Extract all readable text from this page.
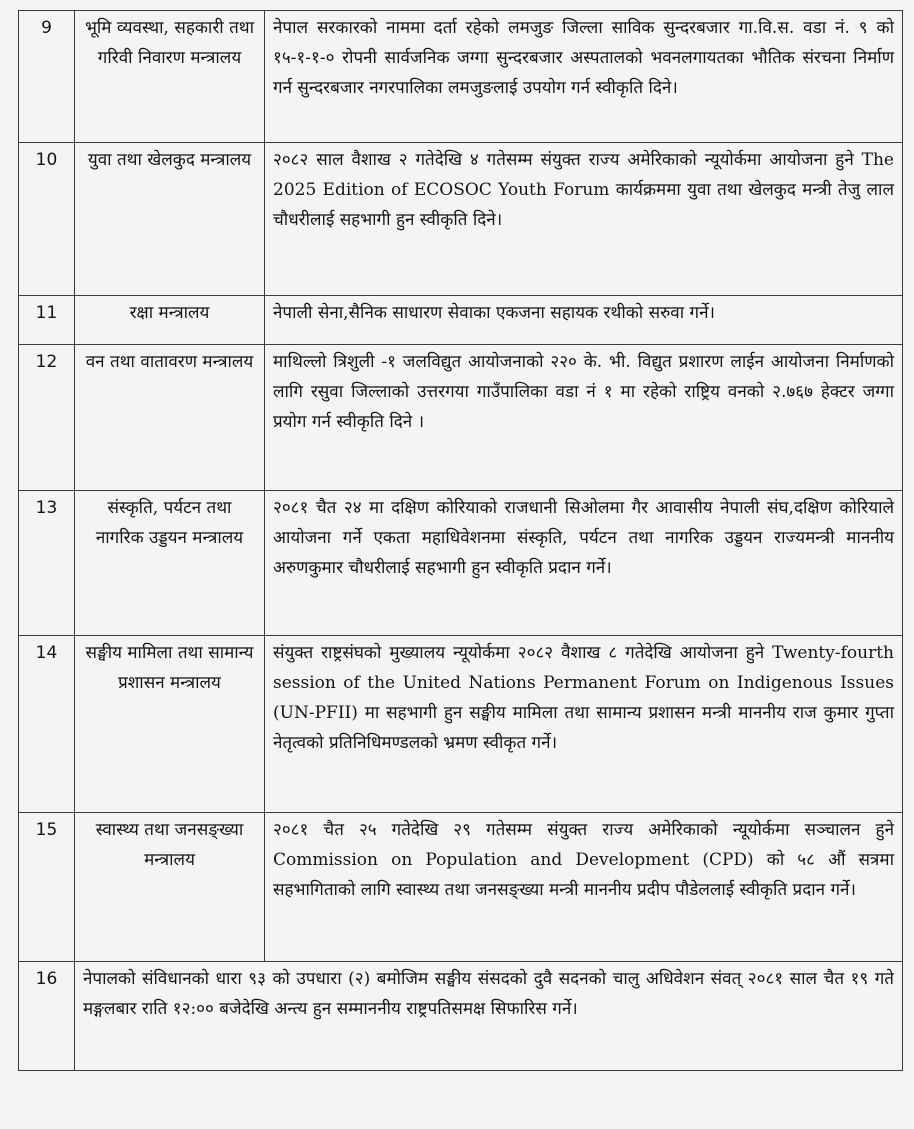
9	भूमि व्यवस्था, सहकारी तथा गरिवी निवारण मन्त्रालय	नेपाल सरकारको नाममा दर्ता रहेको लमजुङ जिल्ला साविक सुन्दरबजार गा.वि.स. वडा नं. ९ को १५-१-१-० रोपनी सार्वजनिक जग्गा सुन्दरबजार अस्पतालको भवनलगायतका भौतिक संरचना निर्माण गर्न सुन्दरबजार नगरपालिका लमजुङलाई उपयोग गर्न स्वीकृति दिने।
10	युवा तथा खेलकुद मन्त्रालय	२०८२ साल वैशाख २ गतेदेखि ४ गतेसम्म संयुक्त राज्य अमेरिकाको न्यूयोर्कमा आयोजना हुने The 2025 Edition of ECOSOC Youth Forum कार्यक्रममा युवा तथा खेलकुद मन्त्री तेजु लाल चौधरीलाई सहभागी हुन स्वीकृति दिने।
11	रक्षा मन्त्रालय	नेपाली सेना,सैनिक साधारण सेवाका एकजना सहायक रथीको सरुवा गर्ने।
12	वन तथा वातावरण मन्त्रालय	माथिल्लो त्रिशुली -१ जलविद्युत आयोजनाको २२० के. भी. विद्युत प्रशारण लाईन आयोजना निर्माणको लागि रसुवा जिल्लाको उत्तरगया गाउँपालिका वडा नं १ मा रहेको राष्ट्रिय वनको २.७६७ हेक्टर जग्गा प्रयोग गर्न स्वीकृति दिने ।
13	संस्कृति, पर्यटन तथा नागरिक उड्डयन मन्त्रालय	२०८१ चैत २४ मा दक्षिण कोरियाको राजधानी सिओलमा गैर आवासीय नेपाली संघ,दक्षिण कोरियाले आयोजना गर्ने एकता महाधिवेशनमा संस्कृति, पर्यटन तथा नागरिक उड्डयन राज्यमन्त्री माननीय अरुणकुमार चौधरीलाई सहभागी हुन स्वीकृति प्रदान गर्ने।
14	सङ्घीय मामिला तथा सामान्य प्रशासन मन्त्रालय	संयुक्त राष्ट्रसंघको मुख्यालय न्यूयोर्कमा २०८२ वैशाख ८ गतेदेखि आयोजना हुने Twenty-fourth session of the United Nations Permanent Forum on Indigenous Issues (UN-PFII) मा सहभागी हुन सङ्घीय मामिला तथा सामान्य प्रशासन मन्त्री माननीय राज कुमार गुप्ता नेतृत्वको प्रतिनिधिमण्डलको भ्रमण स्वीकृत गर्ने।
15	स्वास्थ्य तथा जनसङ्ख्या मन्त्रालय	२०८१ चैत २५ गतेदेखि २९ गतेसम्म संयुक्त राज्य अमेरिकाको न्यूयोर्कमा सञ्चालन हुने Commission on Population and Development (CPD) को ५८ औं सत्रमा सहभागिताको लागि स्वास्थ्य तथा जनसङ्ख्या मन्त्री माननीय प्रदीप पौडेललाई स्वीकृति प्रदान गर्ने।
16	नेपालको संविधानको धारा ९३ को उपधारा (२) बमोजिम सङ्घीय संसदको दुवै सदनको चालु अधिवेशन संवत् २०८१ साल चैत १९ गते मङ्गलबार राति १२:०० बजेदेखि अन्त्य हुन सम्माननीय राष्ट्रपतिसमक्ष सिफारिस गर्ने।	
